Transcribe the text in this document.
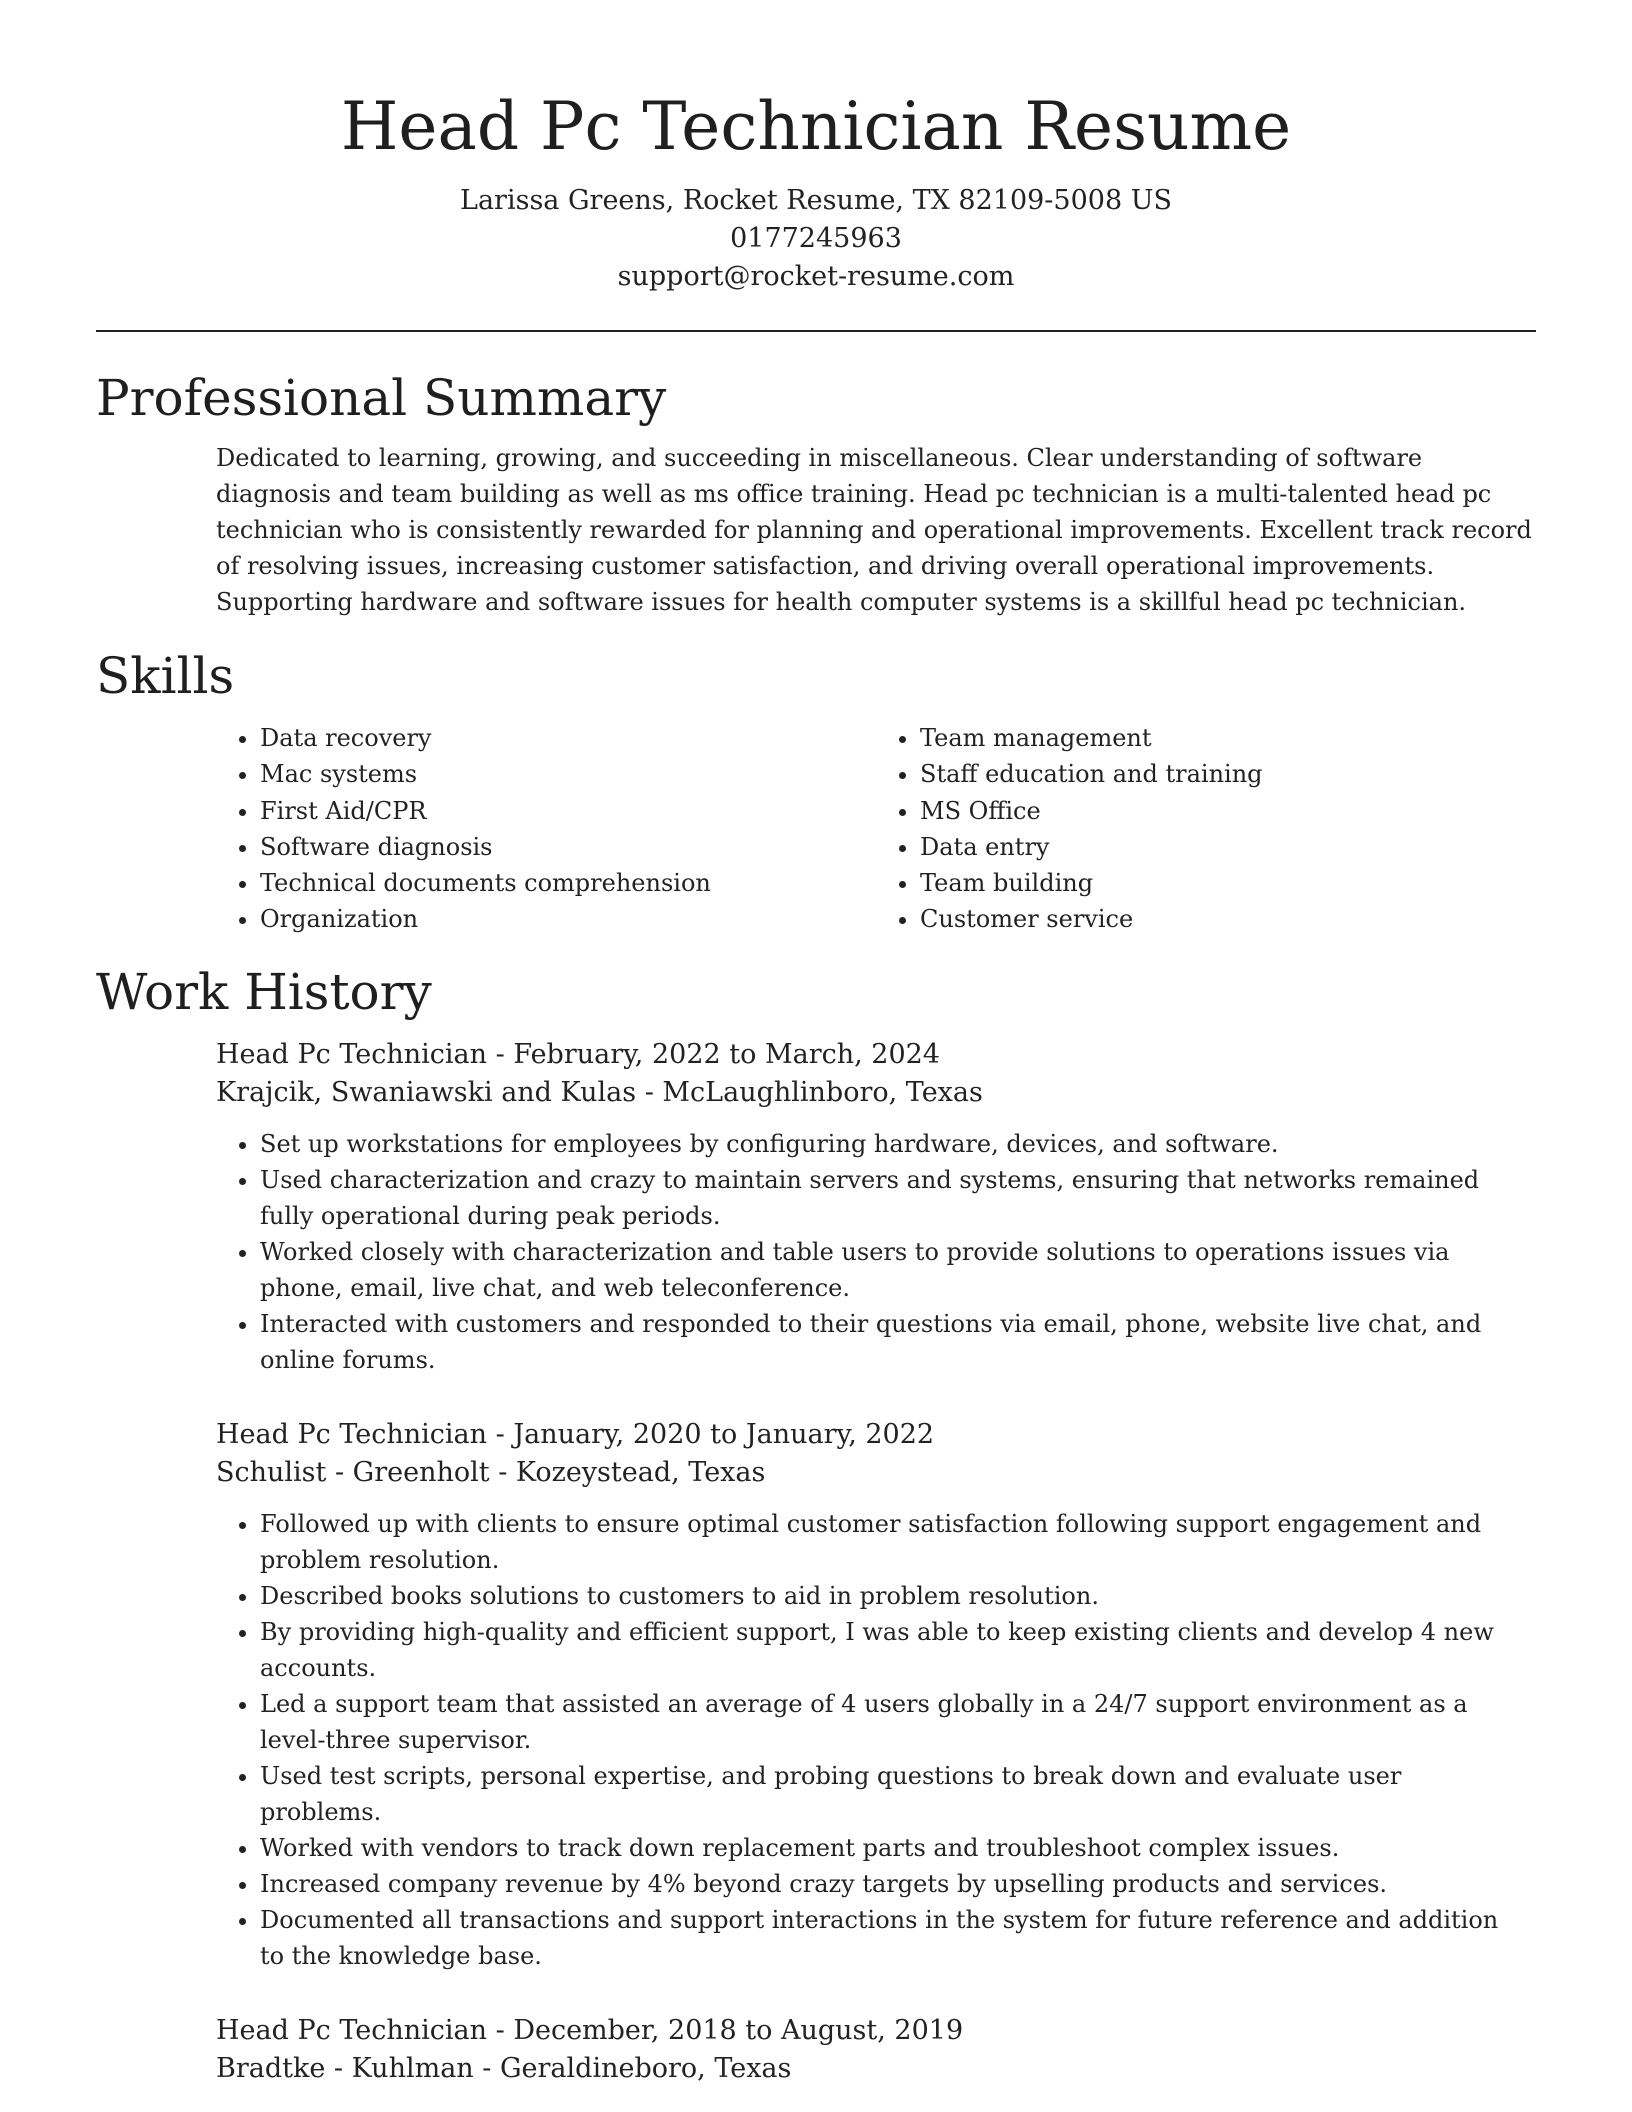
Head Pc Technician Resume

Larissa Greens, Rocket Resume, TX 82109-5008 US

0177245963

support@rocket-resume.com

Professional Summary

Dedicated to learning, growing, and succeeding in miscellaneous. Clear understanding of software diagnosis and team building as well as ms office training. Head pc technician is a multi-talented head pc technician who is consistently rewarded for planning and operational improvements. Excellent track record of resolving issues, increasing customer satisfaction, and driving overall operational improvements. Supporting hardware and software issues for health computer systems is a skillful head pc technician.

Skills
• Data recovery
• Mac systems
• First Aid/CPR
• Software diagnosis
• Technical documents comprehension
• Organization
• Team management
• Staff education and training
• MS Office
• Data entry
• Team building
• Customer service
Work History

Head Pc Technician - February, 2022 to March, 2024

Krajcik, Swaniawski and Kulas - McLaughlinboro, Texas

• Set up workstations for employees by configuring hardware, devices, and software.
• Used characterization and crazy to maintain servers and systems, ensuring that networks remained fully operational during peak periods.
• Worked closely with characterization and table users to provide solutions to operations issues via phone, email, live chat, and web teleconference.
• Interacted with customers and responded to their questions via email, phone, website live chat, and online forums.

Head Pc Technician - January, 2020 to January, 2022

Schulist - Greenholt - Kozeystead, Texas

• Followed up with clients to ensure optimal customer satisfaction following support engagement and problem resolution.
• Described books solutions to customers to aid in problem resolution.
• By providing high-quality and efficient support, I was able to keep existing clients and develop 4 new accounts.
• Led a support team that assisted an average of 4 users globally in a 24/7 support environment as a level-three supervisor.
• Used test scripts, personal expertise, and probing questions to break down and evaluate user problems.
• Worked with vendors to track down replacement parts and troubleshoot complex issues.
• Increased company revenue by 4% beyond crazy targets by upselling products and services.
• Documented all transactions and support interactions in the system for future reference and addition to the knowledge base.

Head Pc Technician - December, 2018 to August, 2019

Bradtke - Kuhlman - Geraldineboro, Texas
